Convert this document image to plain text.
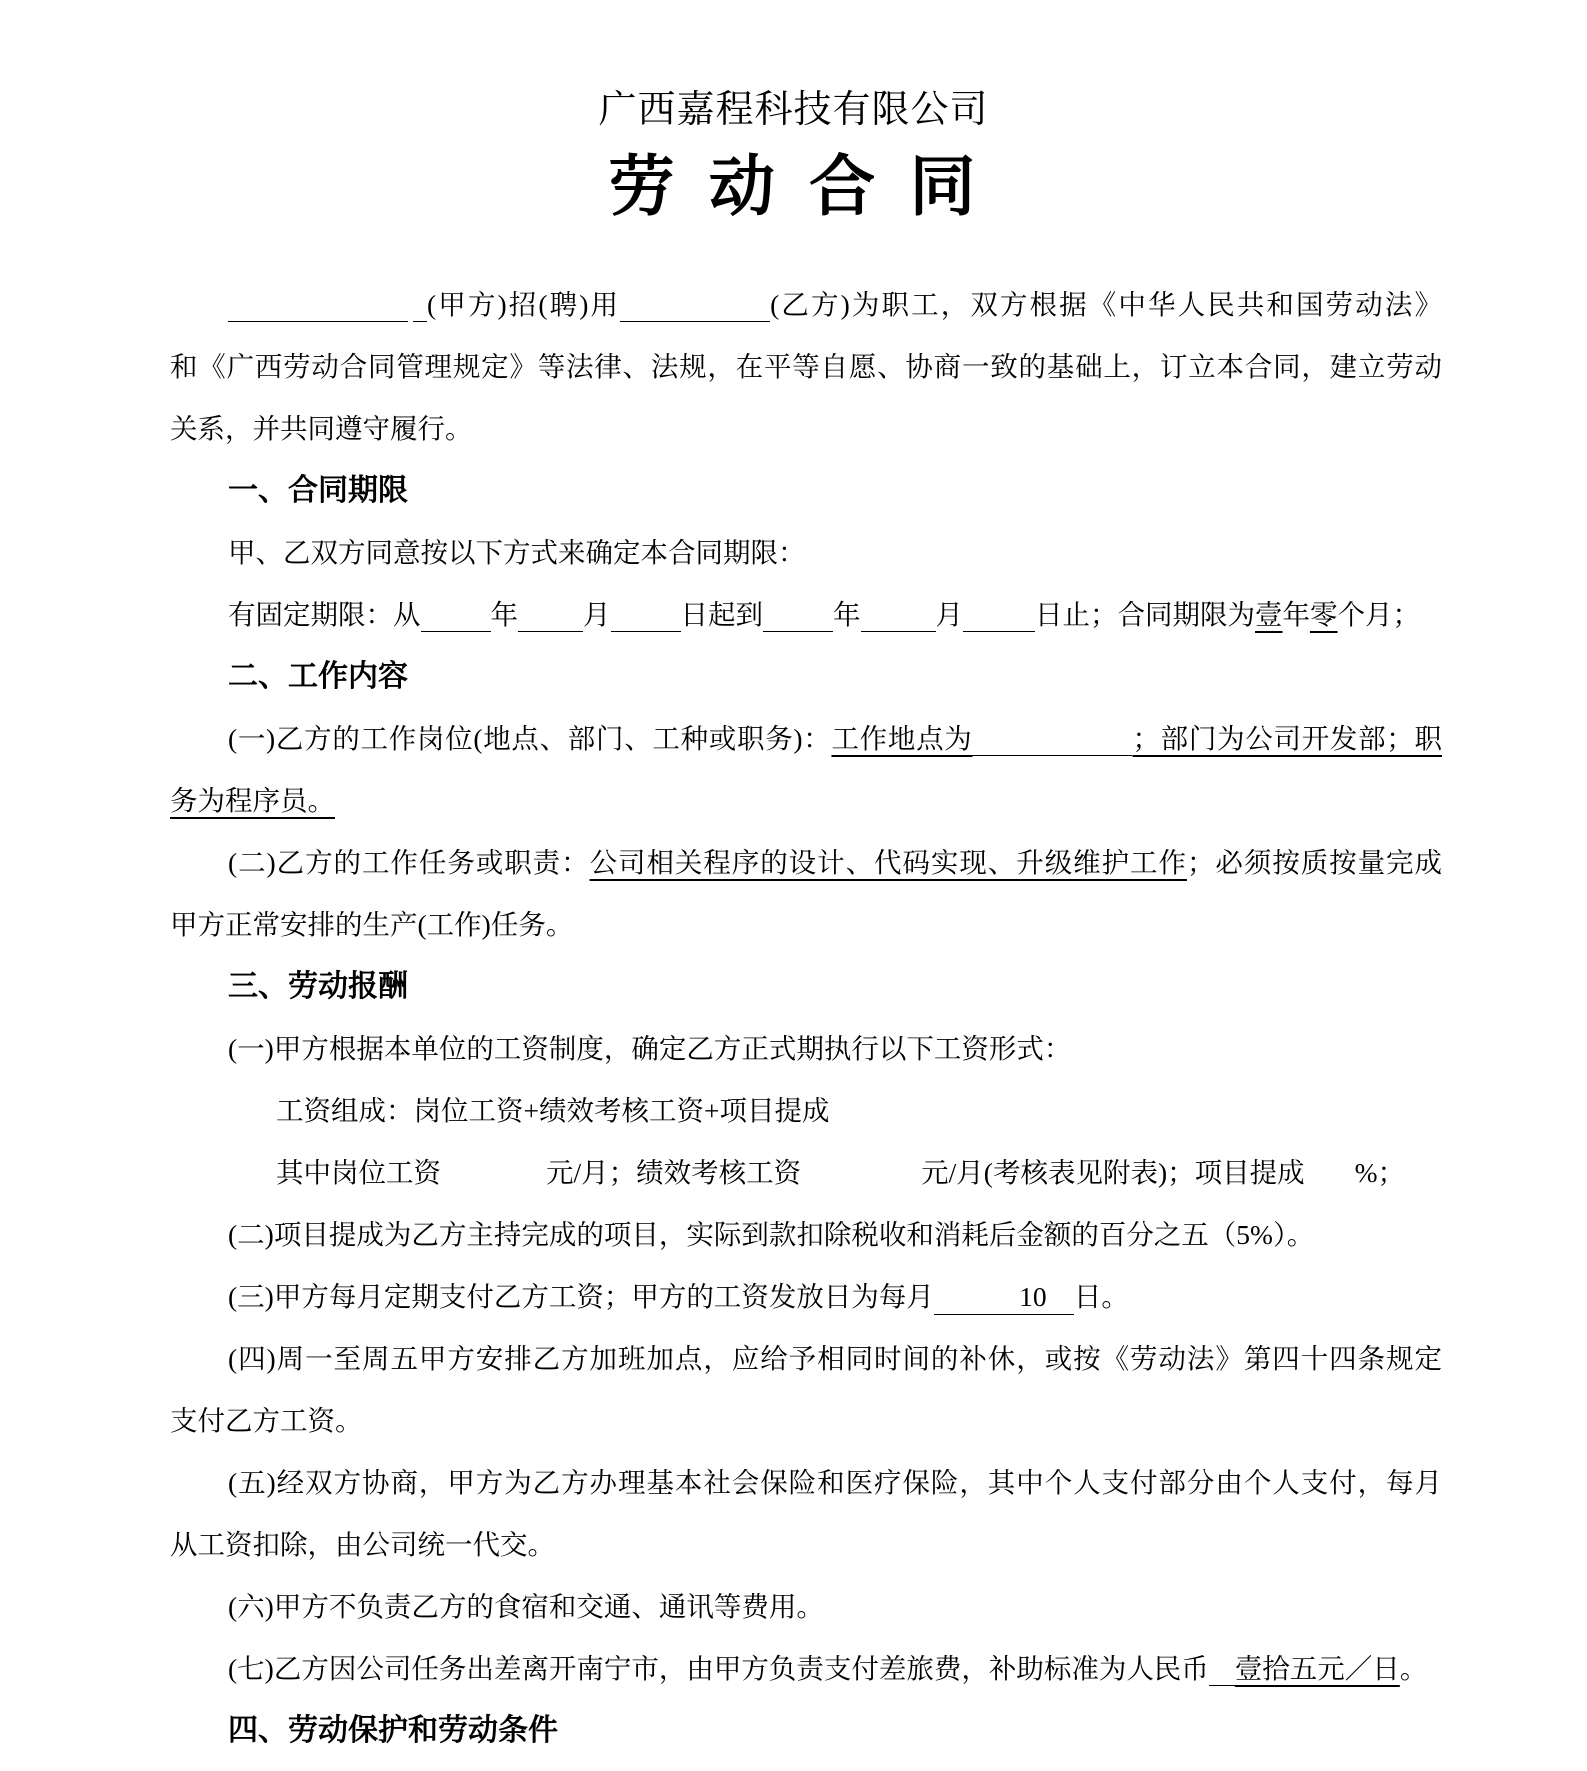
广西嘉程科技有限公司
劳 动 合 同
(甲方)招(聘)用	(乙方)为职工，双方根据《中华人民共和国劳动法》
和《广西劳动合同管理规定》等法律、法规，在平等自愿、协商一致的基础上，订立本合同，建立劳动
关系，并共同遵守履行。
一、合同期限
甲、乙双方同意按以下方式来确定本合同期限：
有固定期限：从	年 月	日起到	年	月	日止；合同期限为壹年零个月；
二、工作内容
(一)乙方的工作岗位(地点、部门、工种或职务)：工作地点为	；部门为公司开发部；职
务为程序员。
(二)乙方的工作任务或职责：公司相关程序的设计、代码实现、升级维护工作；必须按质按量完成
甲方正常安排的生产(工作)任务。
三、劳动报酬
(一)甲方根据本单位的工资制度，确定乙方正式期执行以下工资形式：
工资组成：岗位工资+绩效考核工资+项目提成
其中岗位工资	元/月；绩效考核工资	元/月(考核表见附表)；项目提成 %；
(二)项目提成为乙方主持完成的项目，实际到款扣除税收和消耗后金额的百分之五（5%）。
(三)甲方每月定期支付乙方工资；甲方的工资发放日为每月	10 日。
(四)周一至周五甲方安排乙方加班加点，应给予相同时间的补休，或按《劳动法》第四十四条规定
支付乙方工资。
(五)经双方协商，甲方为乙方办理基本社会保险和医疗保险，其中个人支付部分由个人支付，每月
从工资扣除，由公司统一代交。
(六)甲方不负责乙方的食宿和交通、通讯等费用。
(七)乙方因公司任务出差离开南宁市，由甲方负责支付差旅费，补助标准为人民币 壹拾五元／日。
四、劳动保护和劳动条件
